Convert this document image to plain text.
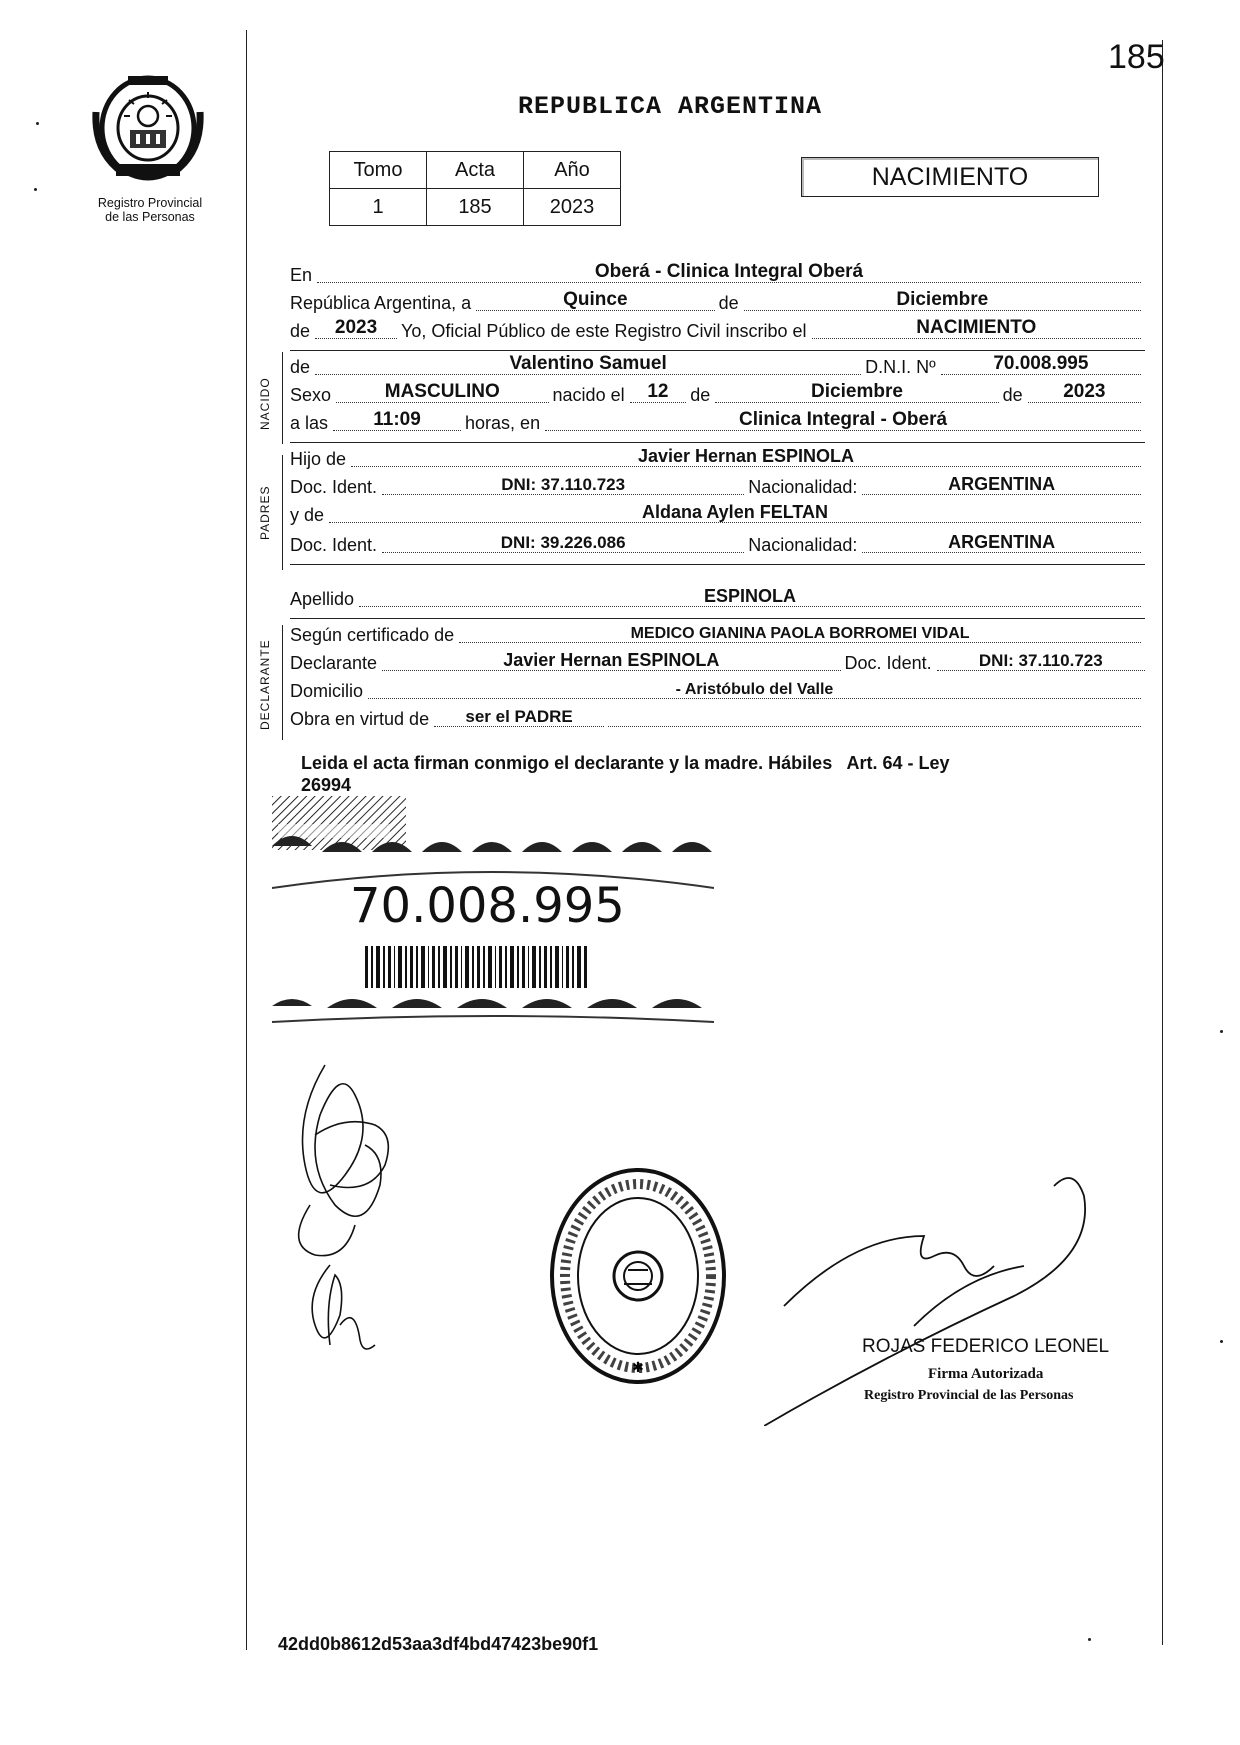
185
Registro Provincial
de las Personas
REPUBLICA ARGENTINA
Tomo	Acta	Año
1	185	2023
NACIMIENTO
En	Oberá - Clinica Integral Oberá
República Argentina, a	Quince	de	Diciembre
de	2023	Yo, Oficial Público de este Registro Civil inscribo el	NACIMIENTO
de	Valentino Samuel	D.N.I. Nº	70.008.995
Sexo	MASCULINO	nacido el	12	de	Diciembre	de	2023
a las	11:09	horas, en	Clinica Integral - Oberá
Hijo de	Javier Hernan ESPINOLA
Doc. Ident.	DNI: 37.110.723	Nacionalidad:	ARGENTINA
y de	Aldana Aylen FELTAN
Doc. Ident.	DNI: 39.226.086	Nacionalidad:	ARGENTINA
Apellido	ESPINOLA
Según certificado de	MEDICO GIANINA PAOLA BORROMEI VIDAL
Declarante	Javier Hernan ESPINOLA	Doc. Ident.	DNI: 37.110.723
Domicilio	- Aristóbulo del Valle
Obra en virtud de	ser el PADRE
NACIDO
PADRES
DECLARANTE
Leida el acta firman conmigo el declarante y la madre. Hábiles   Art. 64 - Ley
26994
70.008.995
✱
ROJAS FEDERICO LEONEL
Firma Autorizada
Registro Provincial de las Personas
42dd0b8612d53aa3df4bd47423be90f1
